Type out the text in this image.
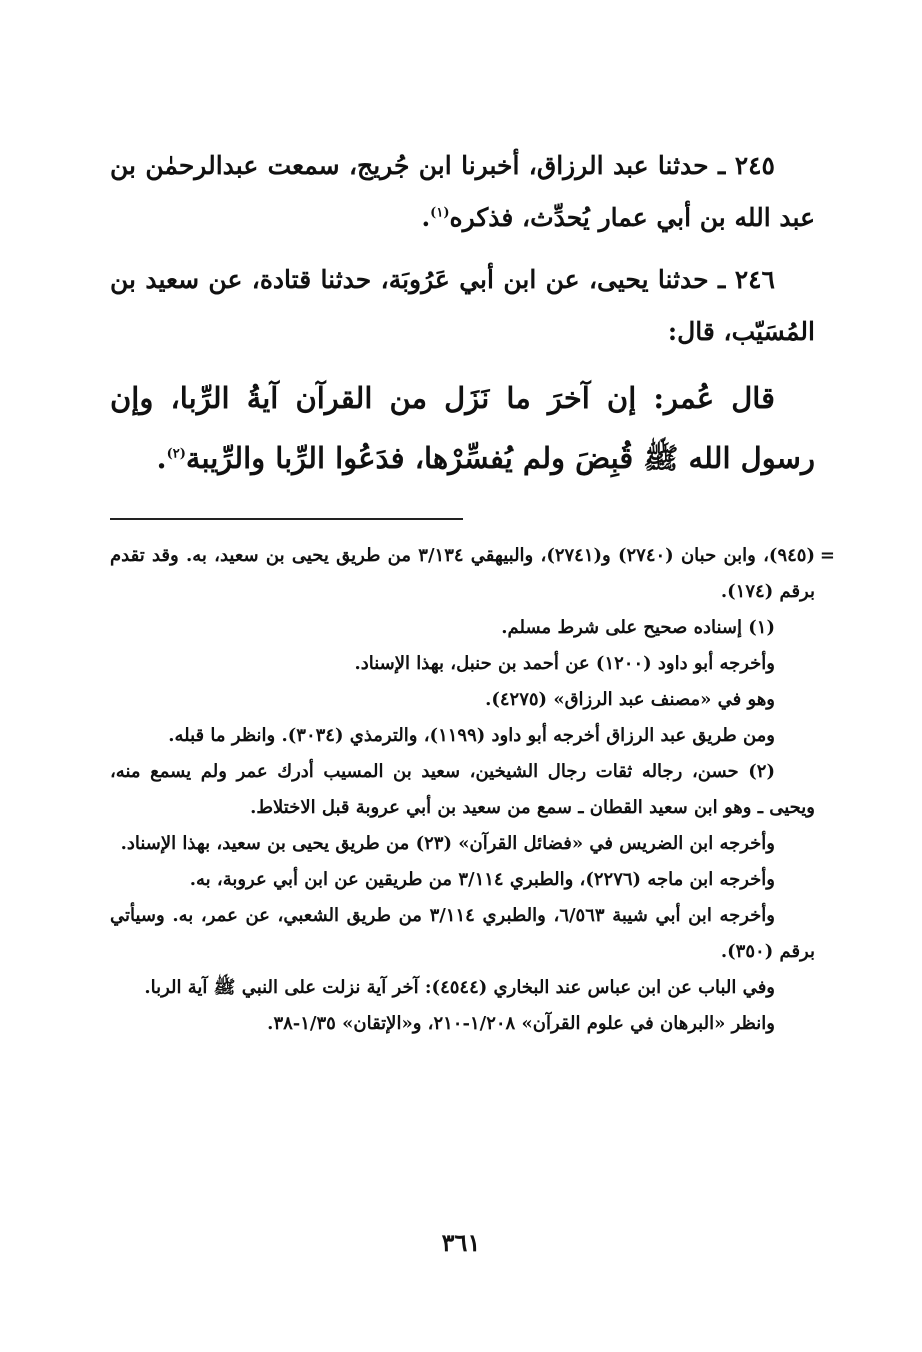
٢٤٥ ـ حدثنا عبد الرزاق، أخبرنا ابن جُريج، سمعت عبدالرحمٰن بن عبد الله بن أبي عمار يُحدِّث، فذكره$^{(١)}$.

٢٤٦ ـ حدثنا يحيى، عن ابن أبي عَرُوبَة، حدثنا قتادة، عن سعيد بن المُسَيّب، قال:

قال عُمر: إن آخرَ ما نَزَل من القرآن آيةُ الرِّبا، وإن رسول الله ﷺ قُبِضَ ولم يُفسِّرْها، فدَعُوا الرِّبا والرِّيبة$^{(٢)}$.

=
(٩٤٥)، وابن حبان (٢٧٤٠) و(٢٧٤١)، والبيهقي ٣/١٣٤ من طريق يحيى بن سعيد، به. وقد تقدم برقم (١٧٤).

(١) إسناده صحيح على شرط مسلم.

وأخرجه أبو داود (١٢٠٠) عن أحمد بن حنبل، بهذا الإسناد.

وهو في «مصنف عبد الرزاق» (٤٢٧٥).

ومن طريق عبد الرزاق أخرجه أبو داود (١١٩٩)، والترمذي (٣٠٣٤). وانظر ما قبله.

(٢) حسن، رجاله ثقات رجال الشيخين، سعيد بن المسيب أدرك عمر ولم يسمع منه، ويحيى ـ وهو ابن سعيد القطان ـ سمع من سعيد بن أبي عروبة قبل الاختلاط.

وأخرجه ابن الضريس في «فضائل القرآن» (٢٣) من طريق يحيى بن سعيد، بهذا الإسناد.

وأخرجه ابن ماجه (٢٢٧٦)، والطبري ٣/١١٤ من طريقين عن ابن أبي عروبة، به.

وأخرجه ابن أبي شيبة ٦/٥٦٣، والطبري ٣/١١٤ من طريق الشعبي، عن عمر، به. وسيأتي برقم (٣٥٠).

وفي الباب عن ابن عباس عند البخاري (٤٥٤٤): آخر آية نزلت على النبي ﷺ آية الربا.

وانظر «البرهان في علوم القرآن» ١/٢٠٨-٢١٠، و«الإتقان» ١/٣٥-٣٨.

٣٦١
